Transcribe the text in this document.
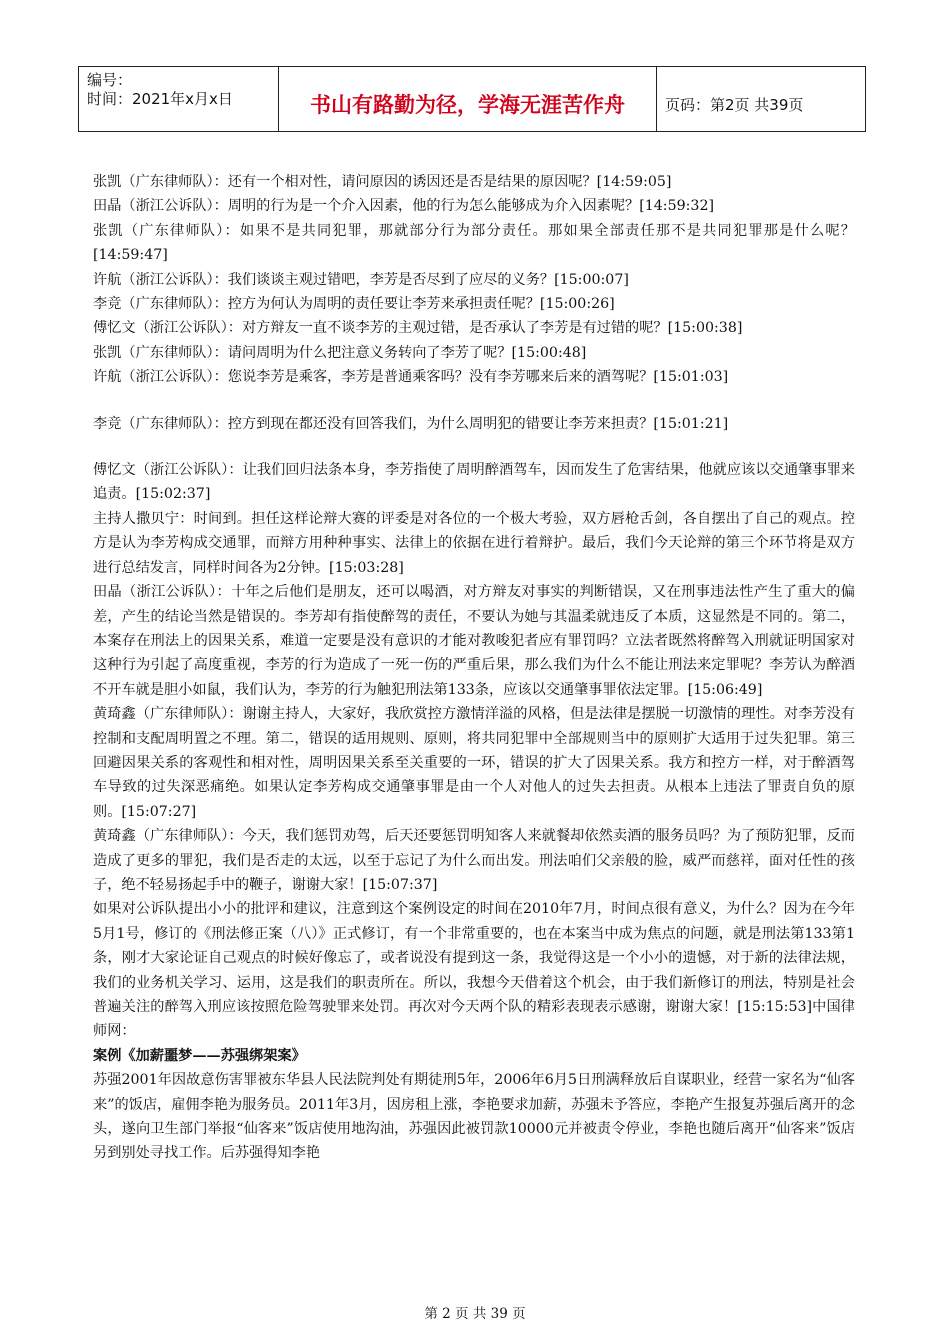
编号：
时间：2021年x月x日	书山有路勤为径，学海无涯苦作舟	页码：第2页 共39页

张凯（广东律师队）：还有一个相对性，请问原因的诱因还是否是结果的原因呢？[14:59:05]

田晶（浙江公诉队）：周明的行为是一个介入因素，他的行为怎么能够成为介入因素呢？[14:59:32]

张凯（广东律师队）：如果不是共同犯罪，那就部分行为部分责任。那如果全部责任那不是共同犯罪那是什么呢？[14:59:47]

许航（浙江公诉队）：我们谈谈主观过错吧，李芳是否尽到了应尽的义务？[15:00:07]

李竞（广东律师队）：控方为何认为周明的责任要让李芳来承担责任呢？[15:00:26]

傅忆文（浙江公诉队）：对方辩友一直不谈李芳的主观过错，是否承认了李芳是有过错的呢？[15:00:38]

张凯（广东律师队）：请问周明为什么把注意义务转向了李芳了呢？[15:00:48]

许航（浙江公诉队）：您说李芳是乘客，李芳是普通乘客吗？没有李芳哪来后来的酒驾呢？[15:01:03]

李竞（广东律师队）：控方到现在都还没有回答我们，为什么周明犯的错要让李芳来担责？[15:01:21]

傅忆文（浙江公诉队）：让我们回归法条本身，李芳指使了周明醉酒驾车，因而发生了危害结果，他就应该以交通肇事罪来追责。[15:02:37]

主持人撒贝宁：时间到。担任这样论辩大赛的评委是对各位的一个极大考验，双方唇枪舌剑，各自摆出了自己的观点。控方是认为李芳构成交通罪，而辩方用种种事实、法律上的依据在进行着辩护。最后，我们今天论辩的第三个环节将是双方进行总结发言，同样时间各为2分钟。[15:03:28]

田晶（浙江公诉队）：十年之后他们是朋友，还可以喝酒，对方辩友对事实的判断错误，又在刑事违法性产生了重大的偏差，产生的结论当然是错误的。李芳却有指使醉驾的责任，不要认为她与其温柔就违反了本质，这显然是不同的。第二，本案存在刑法上的因果关系，难道一定要是没有意识的才能对教唆犯者应有罪罚吗？立法者既然将醉驾入刑就证明国家对这种行为引起了高度重视，李芳的行为造成了一死一伤的严重后果，那么我们为什么不能让刑法来定罪呢？李芳认为醉酒不开车就是胆小如鼠，我们认为，李芳的行为触犯刑法第133条，应该以交通肇事罪依法定罪。[15:06:49]

黄琦鑫（广东律师队）：谢谢主持人，大家好，我欣赏控方激情洋溢的风格，但是法律是摆脱一切激情的理性。对李芳没有控制和支配周明置之不理。第二，错误的适用规则、原则，将共同犯罪中全部规则当中的原则扩大适用于过失犯罪。第三回避因果关系的客观性和相对性，周明因果关系至关重要的一环，错误的扩大了因果关系。我方和控方一样，对于醉酒驾车导致的过失深恶痛绝。如果认定李芳构成交通肇事罪是由一个人对他人的过失去担责。从根本上违法了罪责自负的原则。[15:07:27]

黄琦鑫（广东律师队）：今天，我们惩罚劝驾，后天还要惩罚明知客人来就餐却依然卖酒的服务员吗？为了预防犯罪，反而造成了更多的罪犯，我们是否走的太远，以至于忘记了为什么而出发。刑法咱们父亲般的脸，威严而慈祥，面对任性的孩子，绝不轻易扬起手中的鞭子，谢谢大家！[15:07:37]

如果对公诉队提出小小的批评和建议，注意到这个案例设定的时间在2010年7月，时间点很有意义，为什么？因为在今年5月1号，修订的《刑法修正案（八）》正式修订，有一个非常重要的，也在本案当中成为焦点的问题，就是刑法第133第1条，刚才大家论证自己观点的时候好像忘了，或者说没有提到这一条，我觉得这是一个小小的遗憾，对于新的法律法规，我们的业务机关学习、运用，这是我们的职责所在。所以，我想今天借着这个机会，由于我们新修订的刑法，特别是社会普遍关注的醉驾入刑应该按照危险驾驶罪来处罚。再次对今天两个队的精彩表现表示感谢，谢谢大家！[15:15:53]中国律师网：

案例《加薪噩梦——苏强绑架案》

苏强2001年因故意伤害罪被东华县人民法院判处有期徒刑5年，2006年6月5日刑满释放后自谋职业，经营一家名为“仙客来”的饭店，雇佣李艳为服务员。2011年3月，因房租上涨，李艳要求加薪，苏强未予答应，李艳产生报复苏强后离开的念头，遂向卫生部门举报“仙客来”饭店使用地沟油，苏强因此被罚款10000元并被责令停业，李艳也随后离开“仙客来”饭店另到别处寻找工作。后苏强得知李艳

第 2 页 共 39 页
